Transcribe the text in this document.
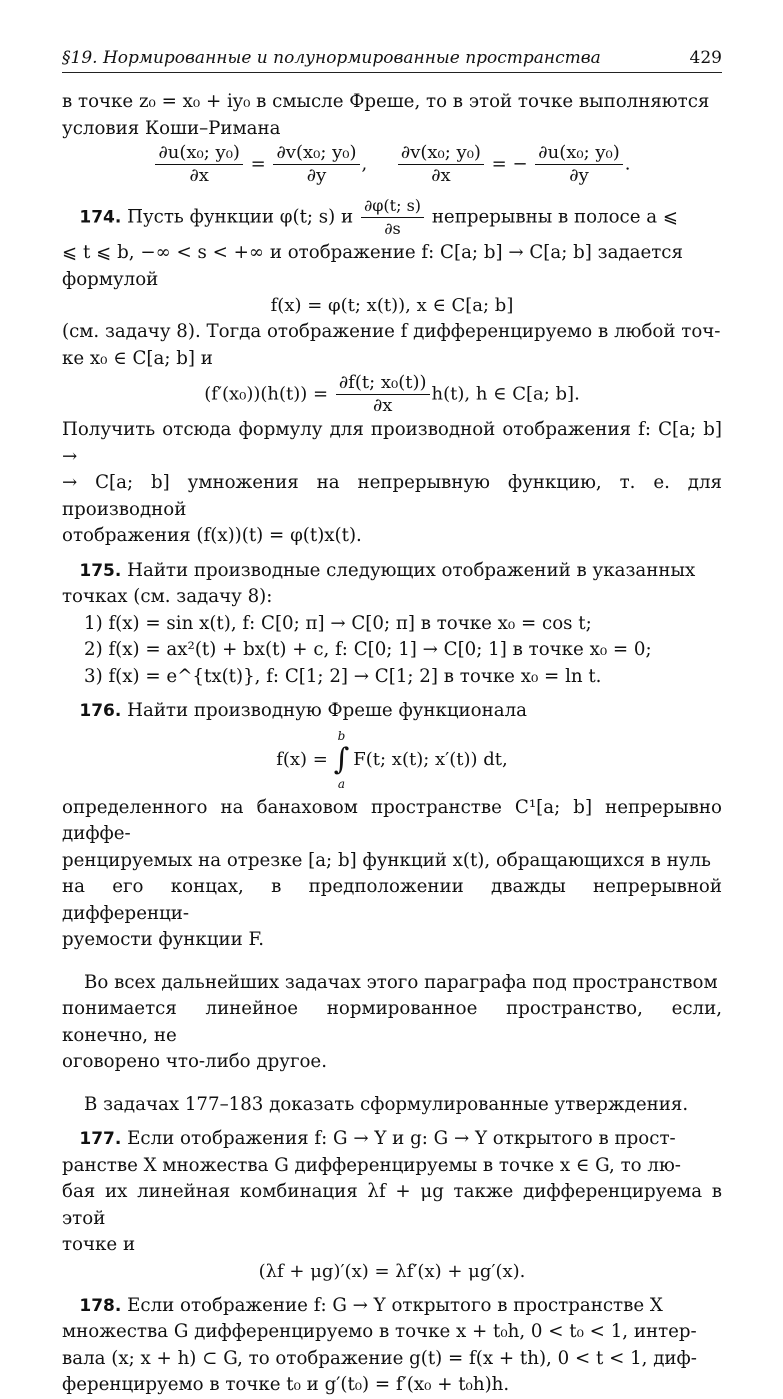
§19. Нормированные и полунормированные пространства	429

в точке z₀ = x₀ + iy₀ в смысле Фреше, то в этой точке выполняются

условия Коши–Римана

$\frac{\text{∂u(x₀; y₀)}}{\partial x} = \frac{\text{∂v(x₀; y₀)}}{\partial y}$ , $\frac{\text{∂v(x₀; y₀)}}{\partial x}$ = − $\frac{\text{∂u(x₀; y₀)}}{\partial y}$ .

174. Пусть функции φ(t; s) и $\frac{\partial\varphi(t; s)}{\partial s}$ непрерывны в полосе a ⩽

⩽ t ⩽ b, −∞ < s < +∞ и отображение f: C[a; b] → C[a; b] задается

формулой

f(x) = φ(t; x(t)), x ∈ C[a; b]

(см. задачу 8). Тогда отображение f дифференцируемо в любой точ-

ке x₀ ∈ C[a; b] и

$(f'(x_0))(h(t)) = \frac{\text{∂f(t; x₀(t))}}{\partial x} h(t)$, h ∈ C[a; b].

Получить отсюда формулу для производной отображения f: C[a; b] →

→ C[a; b] умножения на непрерывную функцию, т. е. для производной

отображения (f(x))(t) = φ(t)x(t).

175. Найти производные следующих отображений в указанных

точках (см. задачу 8):

1) f(x) = sin x(t), f: C[0; π] → C[0; π] в точке x₀ = cos t;

2) f(x) = ax²(t) + bx(t) + c, f: C[0; 1] → C[0; 1] в точке x₀ = 0;

3) f(x) = e^{tx(t)}, f: C[1; 2] → C[1; 2] в точке x₀ = ln t.

176. Найти производную Фреше функционала

f(x) =
b
∫
a
F(t; x(t); x′(t)) dt,

определенного на банаховом пространстве C¹[a; b] непрерывно диффе-

ренцируемых на отрезке [a; b] функций x(t), обращающихся в нуль

на его концах, в предположении дважды непрерывной дифференци-

руемости функции F.

Во всех дальнейших задачах этого параграфа под пространством

понимается линейное нормированное пространство, если, конечно, не

оговорено что-либо другое.

В задачах 177–183 доказать сформулированные утверждения.

177. Если отображения f: G → Y и g: G → Y открытого в прост-

ранстве X множества G дифференцируемы в точке x ∈ G, то лю-

бая их линейная комбинация λf + μg также дифференцируема в этой

точке и

(λf + μg)′(x) = λf′(x) + μg′(x).

178. Если отображение f: G → Y открытого в пространстве X

множества G дифференцируемо в точке x + t₀h, 0 < t₀ < 1, интер-

вала (x; x + h) ⊂ G, то отображение g(t) = f(x + th), 0 < t < 1, диф-

ференцируемо в точке t₀ и g′(t₀) = f′(x₀ + t₀h)h.
